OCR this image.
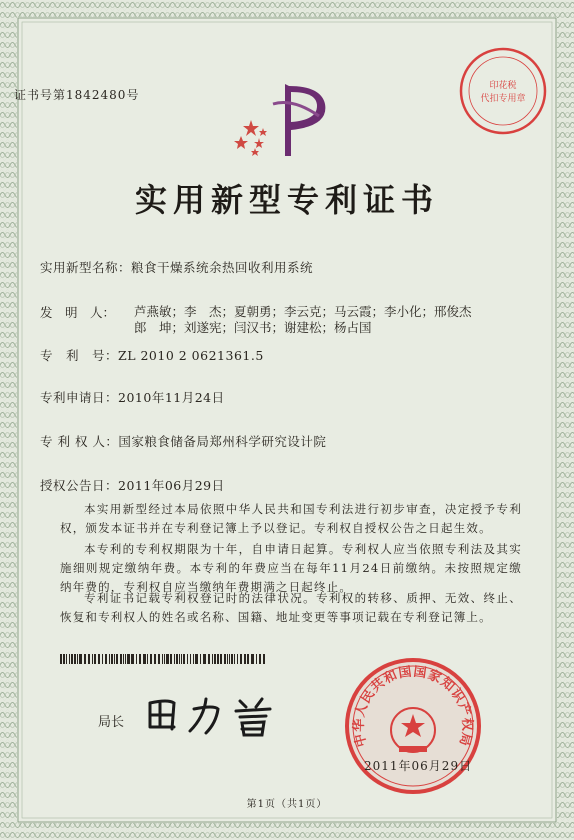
证书号第1842480号
印花税
代扣专用章
实用新型专利证书
实用新型名称：粮食干燥系统余热回收利用系统
发　明　人：	芦燕敏；李　杰；夏朝勇；李云克；马云霞；李小化；邢俊杰
郎　坤；刘遂宪；闫汉书；谢建松；杨占国
专　利　号：ZL 2010 2 0621361.5
专利申请日：2010年11月24日
专 利 权 人：国家粮食储备局郑州科学研究设计院
授权公告日：2011年06月29日
本实用新型经过本局依照中华人民共和国专利法进行初步审查，决定授予专利权，颁发本证书并在专利登记簿上予以登记。专利权自授权公告之日起生效。
本专利的专利权期限为十年，自申请日起算。专利权人应当依照专利法及其实施细则规定缴纳年费。本专利的年费应当在每年11月24日前缴纳。未按照规定缴纳年费的，专利权自应当缴纳年费期满之日起终止。
专利证书记载专利权登记时的法律状况。专利权的转移、质押、无效、终止、恢复和专利权人的姓名或名称、国籍、地址变更等事项记载在专利登记簿上。
局长
中华人民共和国国家知识产权局
2011年06月29日
第1页（共1页）
